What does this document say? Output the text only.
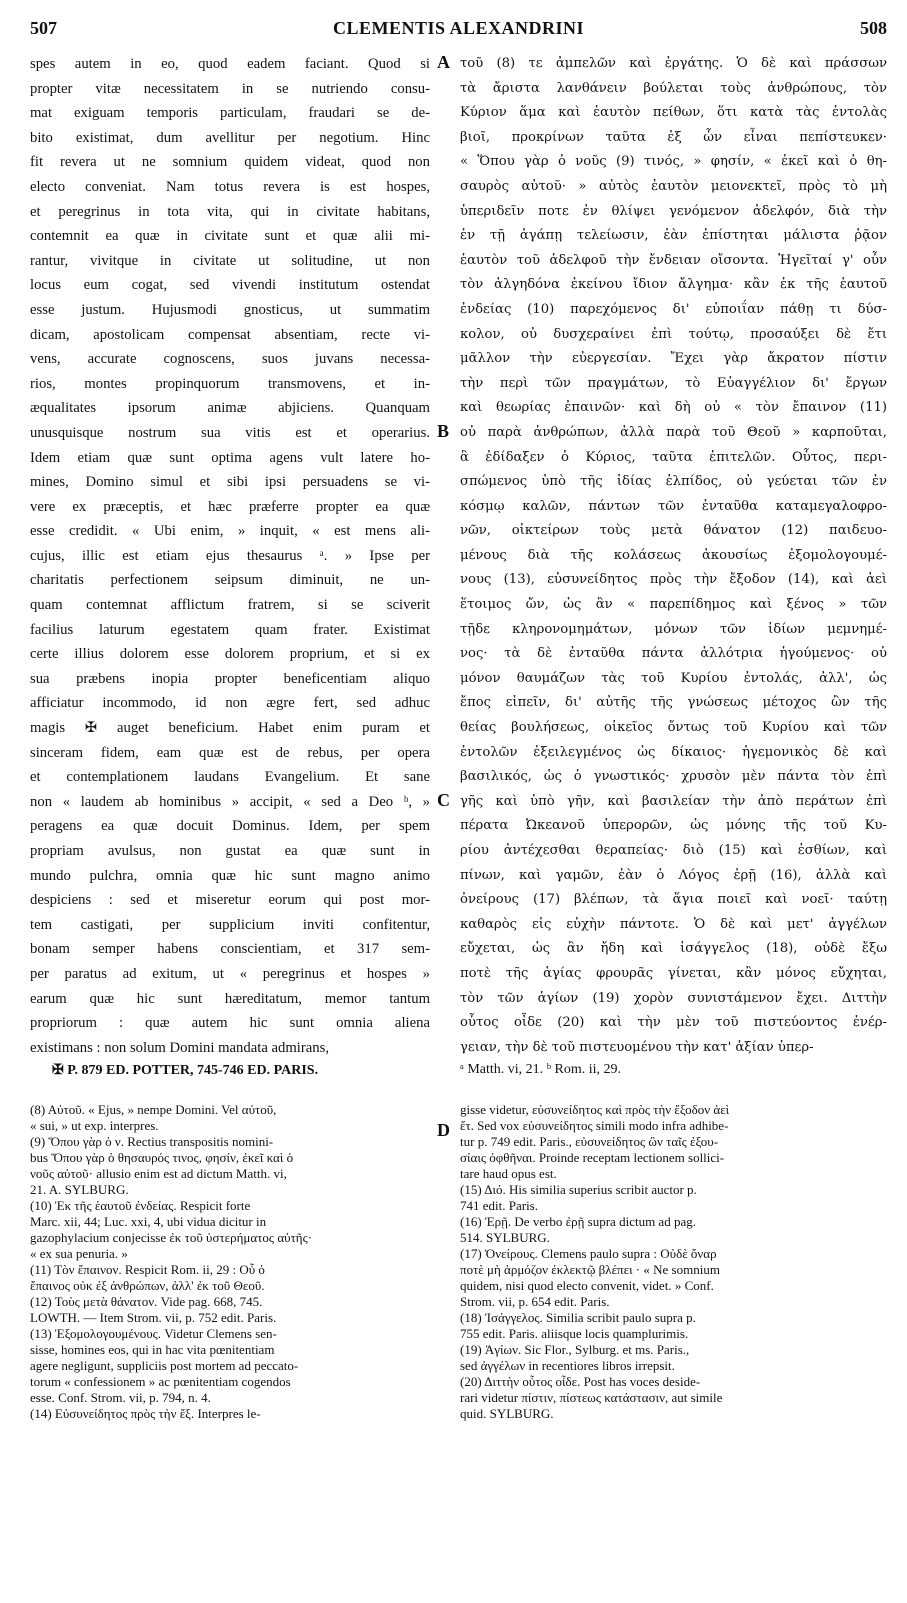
507	CLEMENTIS ALEXANDRINI	508
spes autem in eo, quod eadem faciant. Quod si
propter vitæ necessitatem in se nutriendo consu-
mat exiguam temporis particulam, fraudari se de-
bito existimat, dum avellitur per negotium. Hinc
fit revera ut ne somnium quidem videat, quod non
electo conveniat. Nam totus revera is est hospes,
et peregrinus in tota vita, qui in civitate habitans,
contemnit ea quæ in civitate sunt et quæ alii mi-
rantur, vivitque in civitate ut solitudine, ut non
locus eum cogat, sed vivendi institutum ostendat
esse justum. Hujusmodi gnosticus, ut summatim
dicam, apostolicam compensat absentiam, recte vi-
vens, accurate cognoscens, suos juvans necessa-
rios, montes propinquorum transmovens, et in-
æqualitates ipsorum animæ abjiciens. Quanquam
unusquisque nostrum sua vitis est et operarius.
Idem etiam quæ sunt optima agens vult latere ho-
mines, Domino simul et sibi ipsi persuadens se vi-
vere ex præceptis, et hæc præferre propter ea quæ
esse credidit. « Ubi enim, » inquit, « est mens ali-
cujus, illic est etiam ejus thesaurus ᵃ. » Ipse per
charitatis perfectionem seipsum diminuit, ne un-
quam contemnat afflictum fratrem, si se sciverit
facilius laturum egestatem quam frater. Existimat
certe illius dolorem esse dolorem proprium, et si ex
sua præbens inopia propter beneficentiam aliquo
afficiatur incommodo, id non ægre fert, sed adhuc
magis ✠ auget beneficium. Habet enim puram et
sinceram fidem, eam quæ est de rebus, per opera
et contemplationem laudans Evangelium. Et sane
non « laudem ab hominibus » accipit, « sed a Deo ᵇ, »
peragens ea quæ docuit Dominus. Idem, per spem
propriam avulsus, non gustat ea quæ sunt in
mundo pulchra, omnia quæ hic sunt magno animo
despiciens : sed et miseretur eorum qui post mor-
tem castigati, per supplicium inviti confitentur,
bonam semper habens conscientiam, et 317 sem-
per paratus ad exitum, ut « peregrinus et hospes »
earum quæ hic sunt hæreditatum, memor tantum
propriorum : quæ autem hic sunt omnia aliena
existimans : non solum Domini mandata admirans,
τοῦ (8) τε ἀμπελῶν καὶ ἐργάτης. Ὁ δὲ καὶ πράσσων
τὰ ἄριστα λανθάνειν βούλεται τοὺς ἀνθρώπους, τὸν
Κύριον ἅμα καὶ ἑαυτὸν πείθων, ὅτι κατὰ τὰς ἐντολὰς
βιοῖ, προκρίνων ταῦτα ἐξ ὧν εἶναι πεπίστευκεν·
« Ὅπου γὰρ ὁ νοῦς (9) τινός, » φησίν, « ἐκεῖ καὶ ὁ θη-
σαυρὸς αὐτοῦ· » αὐτὸς ἑαυτὸν μειονεκτεῖ, πρὸς τὸ μὴ
ὑπεριδεῖν ποτε ἐν θλίψει γενόμενον ἀδελφόν, διὰ τὴν
ἐν τῇ ἀγάπῃ τελείωσιν, ἐὰν ἐπίστηται μάλιστα ῥᾷον
ἑαυτὸν τοῦ ἀδελφοῦ τὴν ἔνδειαν οἴσοντα. Ἡγεῖταί γ' οὖν
τὸν ἀλγηδόνα ἐκείνου ἴδιον ἄλγημα· κἂν ἐκ τῆς ἑαυτοῦ
ἐνδείας (10) παρεχόμενος δι' εὐποιΐαν πάθῃ τι δύσ-
κολον, οὐ δυσχεραίνει ἐπὶ τούτῳ, προσαύξει δὲ ἔτι
μᾶλλον τὴν εὐεργεσίαν. Ἔχει γὰρ ἄκρατον πίστιν
τὴν περὶ τῶν πραγμάτων, τὸ Εὐαγγέλιον δι' ἔργων
καὶ θεωρίας ἐπαινῶν· καὶ δὴ οὐ « τὸν ἔπαινον (11)
οὐ παρὰ ἀνθρώπων, ἀλλὰ παρὰ τοῦ Θεοῦ » καρποῦται,
ἃ ἐδίδαξεν ὁ Κύριος, ταῦτα ἐπιτελῶν. Οὗτος, περι-
σπώμενος ὑπὸ τῆς ἰδίας ἐλπίδος, οὐ γεύεται τῶν ἐν
κόσμῳ καλῶν, πάντων τῶν ἐνταῦθα καταμεγαλοφρο-
νῶν, οἰκτείρων τοὺς μετὰ θάνατον (12) παιδευο-
μένους διὰ τῆς κολάσεως ἀκουσίως ἐξομολογουμέ-
νους (13), εὐσυνείδητος πρὸς τὴν ἔξοδον (14), καὶ ἀεὶ
ἕτοιμος ὤν, ὡς ἂν « παρεπίδημος καὶ ξένος » τῶν
τῇδε κληρονομημάτων, μόνων τῶν ἰδίων μεμνημέ-
νος· τὰ δὲ ἐνταῦθα πάντα ἀλλότρια ἡγούμενος· οὐ
μόνον θαυμάζων τὰς τοῦ Κυρίου ἐντολάς, ἀλλ', ὡς
ἔπος εἰπεῖν, δι' αὐτῆς τῆς γνώσεως μέτοχος ὢν τῆς
θείας βουλήσεως, οἰκεῖος ὄντως τοῦ Κυρίου καὶ τῶν
ἐντολῶν ἐξειλεγμένος ὡς δίκαιος· ἡγεμονικὸς δὲ καὶ
βασιλικός, ὡς ὁ γνωστικός· χρυσὸν μὲν πάντα τὸν ἐπὶ
γῆς καὶ ὑπὸ γῆν, καὶ βασιλείαν τὴν ἀπὸ περάτων ἐπὶ
πέρατα Ὠκεανοῦ ὑπερορῶν, ὡς μόνης τῆς τοῦ Κυ-
ρίου ἀντέχεσθαι θεραπείας· διὸ (15) καὶ ἐσθίων, καὶ
πίνων, καὶ γαμῶν, ἐὰν ὁ Λόγος ἐρῇ (16), ἀλλὰ καὶ
ὀνείρους (17) βλέπων, τὰ ἅγια ποιεῖ καὶ νοεῖ· ταύτῃ
καθαρὸς εἰς εὐχὴν πάντοτε. Ὁ δὲ καὶ μετ' ἀγγέλων
εὔχεται, ὡς ἂν ἤδη καὶ ἰσάγγελος (18), οὐδὲ ἔξω
ποτὲ τῆς ἁγίας φρουρᾶς γίνεται, κἂν μόνος εὔχηται,
τὸν τῶν ἁγίων (19) χορὸν συνιστάμενον ἔχει. Διττὴν
οὗτος οἶδε (20) καὶ τὴν μὲν τοῦ πιστεύοντος ἐνέρ-
γειαν, τὴν δὲ τοῦ πιστευομένου τὴν κατ' ἀξίαν ὑπερ-
A
B
C
D
✠ P. 879 ED. POTTER, 745-746 ED. PARIS.	ᵃ Matth. vi, 21. ᵇ Rom. ii, 29.
(8) Αὐτοῦ. « Ejus, » nempe Domini. Vel αὐτοῦ,
« sui, » ut exp. interpres.
(9) Ὅπου γὰρ ὁ ν. Rectius transpositis nomini-
bus Ὅπου γὰρ ὁ θησαυρός τινος, φησίν, ἐκεῖ καὶ ὁ
νοῦς αὐτοῦ· allusio enim est ad dictum Matth. vi,
21. A. SYLBURG.
(10) Ἐκ τῆς ἑαυτοῦ ἐνδείας. Respicit forte
Marc. xii, 44; Luc. xxi, 4, ubi vidua dicitur in
gazophylacium conjecisse ἐκ τοῦ ὑστερήματος αὐτῆς·
« ex sua penuria. »
(11) Τὸν ἔπαινον. Respicit Rom. ii, 29 : Οὗ ὁ
ἔπαινος οὐκ ἐξ ἀνθρώπων, ἀλλ' ἐκ τοῦ Θεοῦ.
(12) Τοὺς μετὰ θάνατον. Vide pag. 668, 745.
LOWTH. — Item Strom. vii, p. 752 edit. Paris.
(13) Ἐξομολογουμένους. Videtur Clemens sen-
sisse, homines eos, qui in hac vita pœnitentiam
agere negligunt, suppliciis post mortem ad peccato-
torum « confessionem » ac pœnitentiam cogendos
esse. Conf. Strom. vii, p. 794, n. 4.
(14) Εὐσυνείδητος πρὸς τὴν ἔξ. Interpres le-
gisse videtur, εὐσυνείδητος καὶ πρὸς τὴν ἔξοδον ἀεὶ
ἕτ. Sed vox εὐσυνείδητος simili modo infra adhibe-
tur p. 749 edit. Paris., εὐσυνείδητος ὢν ταῖς ἐξου-
σίαις ὀφθῆναι. Proinde receptam lectionem sollici-
tare haud opus est.
(15) Διό. His similia superius scribit auctor p.
741 edit. Paris.
(16) Ἐρῇ. De verbo ἐρῇ supra dictum ad pag.
514. SYLBURG.
(17) Ὀνείρους. Clemens paulo supra : Οὐδὲ ὄναρ
ποτὲ μὴ ἁρμόζον ἐκλεκτῷ βλέπει · « Ne somnium
quidem, nisi quod electo convenit, videt. » Conf.
Strom. vii, p. 654 edit. Paris.
(18) Ἰσάγγελος. Similia scribit paulo supra p.
755 edit. Paris. aliisque locis quamplurimis.
(19) Ἁγίων. Sic Flor., Sylburg. et ms. Paris.,
sed ἀγγέλων in recentiores libros irrepsit.
(20) Διττὴν οὗτος οἶδε. Post has voces deside-
rari videtur πίστιν, πίστεως κατάστασιν, aut simile
quid. SYLBURG.
